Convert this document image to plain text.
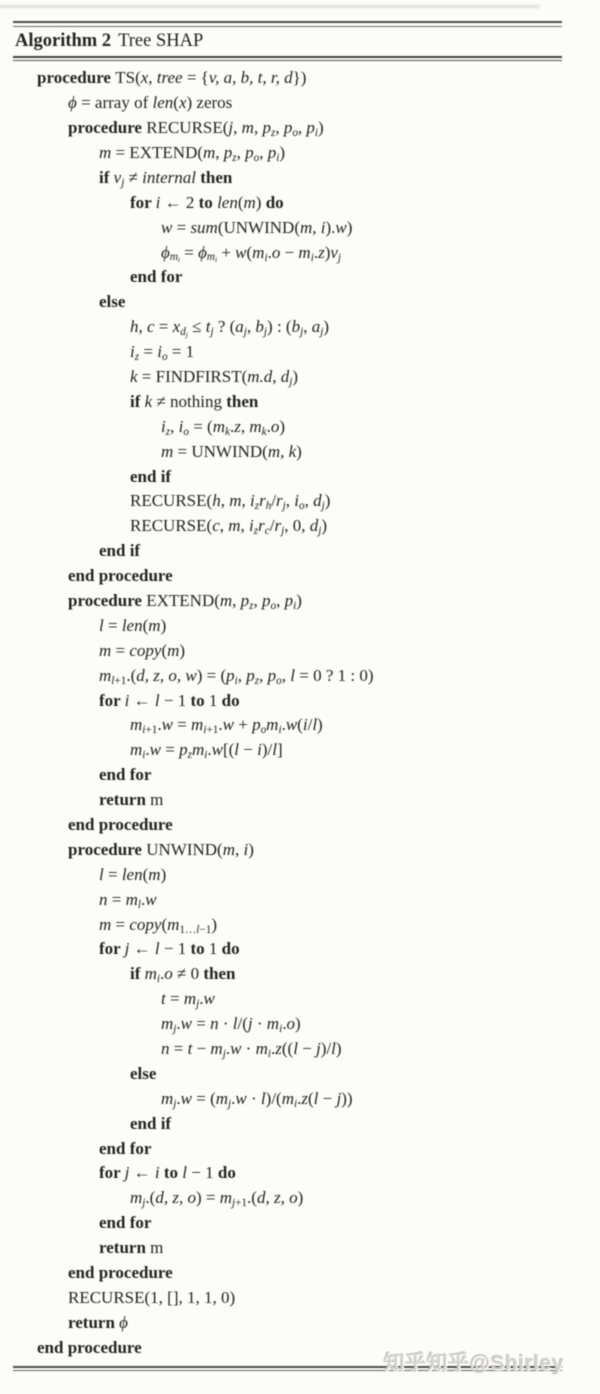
Algorithm 2 Tree SHAP
procedure TS(x, tree = {v, a, b, t, r, d})
ϕ = array of len(x) zeros
procedure RECURSE(j, m, $p_z$, $p_o$, $p_i$)
m = EXTEND(m, $p_z$, $p_o$, $p_i$)
if $v_j$ ≠ internal then
for i ← 2 to len(m) do
w = sum(UNWIND(m, i).w)
$\phi_{m_i} = \phi_{m_i} + w(m_i.o - m_i.z)v_j$
end for
else
h, $c = x_{d_j} \le t_j$ ? ($a_j$, $b_j$) : ($b_j$, $a_j$)
$i_z = i_o = 1$
k = FINDFIRST(m.d, $d_j$)
if k ≠ nothing then
$i_z$, $i_o = (m_k.z$, $m_k.o$)
m = UNWIND(m, k)
end if
RECURSE(h, m, $i_zr_h/r_j$, $i_o$, $d_j$)
RECURSE(c, m, $i_zr_c/r_j$, 0, $d_j$)
end if
end procedure
procedure EXTEND(m, $p_z$, $p_o$, $p_i$)
l = len(m)
m = copy(m)
$m_{l+1}.(d$, z, o, $w) = (p_i$, $p_z$, $p_o$, l = 0 ? 1 : 0)
for i ← l − 1 to 1 do
$m_{i+1}.w = m_{i+1}.w + p_om_i.w(i/l)$
$m_i.w = p_zm_i.w[(l - i)/l]$
end for
return m
end procedure
procedure UNWIND(m, i)
l = len(m)
$n = m_l.w$
$m = copy(m_{1\dots l-1})$
for j ← l − 1 to 1 do
if $m_i.o \ne 0$ then
$t = m_j.w$
$m_j.w = n \cdot l/(j \cdot m_i.o)$
$n = t - m_j.w \cdot m_i.z((l - j)/l)$
else
$m_j.w = (m_j.w \cdot l)/(m_i.z(l - j))$
end if
end for
for j ← i to l − 1 do
$m_j.(d$, z, $o) = m_{j+1}.(d$, z, o)
end for
return m
end procedure
RECURSE(1, [], 1, 1, 0)
return ϕ
end procedure
知乎知乎@Shirley
